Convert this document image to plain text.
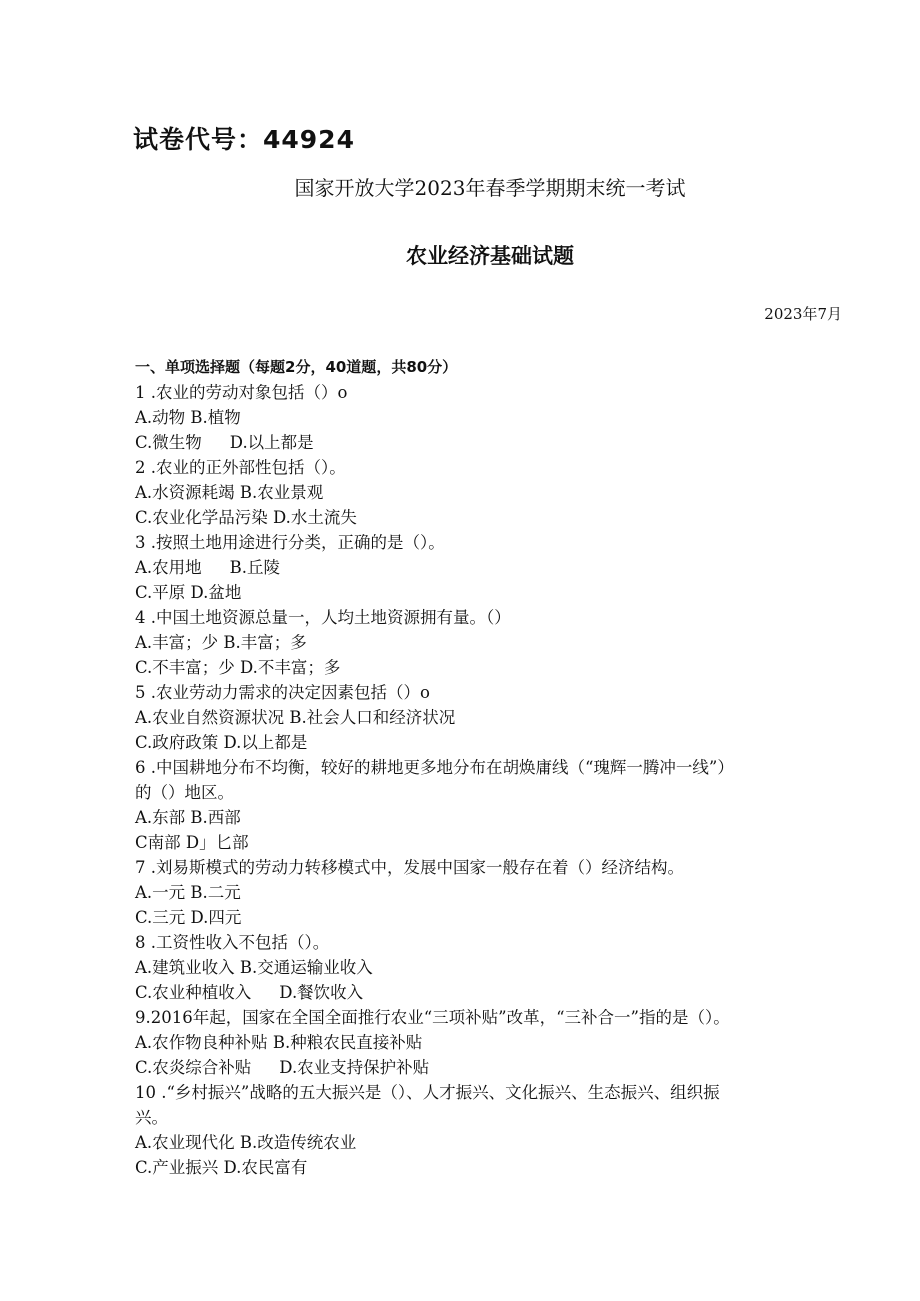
试卷代号：44924
国家开放大学2023年春季学期期末统一考试
农业经济基础试题
2023年7月
一、单项选择题（每题2分，40道题，共80分）
1 .农业的劳动对象包括（）o
A.动物 B.植物
C.微生物 D.以上都是
2 .农业的正外部性包括（）。
A.水资源耗竭 B.农业景观
C.农业化学品污染 D.水土流失
3 .按照土地用途进行分类，正确的是（）。
A.农用地 B.丘陵
C.平原 D.盆地
4 .中国土地资源总量一，人均土地资源拥有量。（）
A.丰富；少 B.丰富；多
C.不丰富；少 D.不丰富；多
5 .农业劳动力需求的决定因素包括（）o
A.农业自然资源状况 B.社会人口和经济状况
C.政府政策 D.以上都是
6 .中国耕地分布不均衡，较好的耕地更多地分布在胡焕庸线（“瑰辉一腾冲一线”）
的（）地区。
A.东部 B.西部
C南部 D」匕部
7 .刘易斯模式的劳动力转移模式中，发展中国家一般存在着（）经济结构。
A.一元 B.二元
C.三元 D.四元
8 .工资性收入不包括（）。
A.建筑业收入 B.交通运输业收入
C.农业种植收入 D.餐饮收入
9.2016年起，国家在全国全面推行农业“三项补贴”改革，“三补合一”指的是（）。
A.农作物良种补贴 B.种粮农民直接补贴
C.农炎综合补贴 D.农业支持保护补贴
10 .“乡村振兴”战略的五大振兴是（）、人才振兴、文化振兴、生态振兴、组织振
兴。
A.农业现代化 B.改造传统农业
C.产业振兴 D.农民富有
